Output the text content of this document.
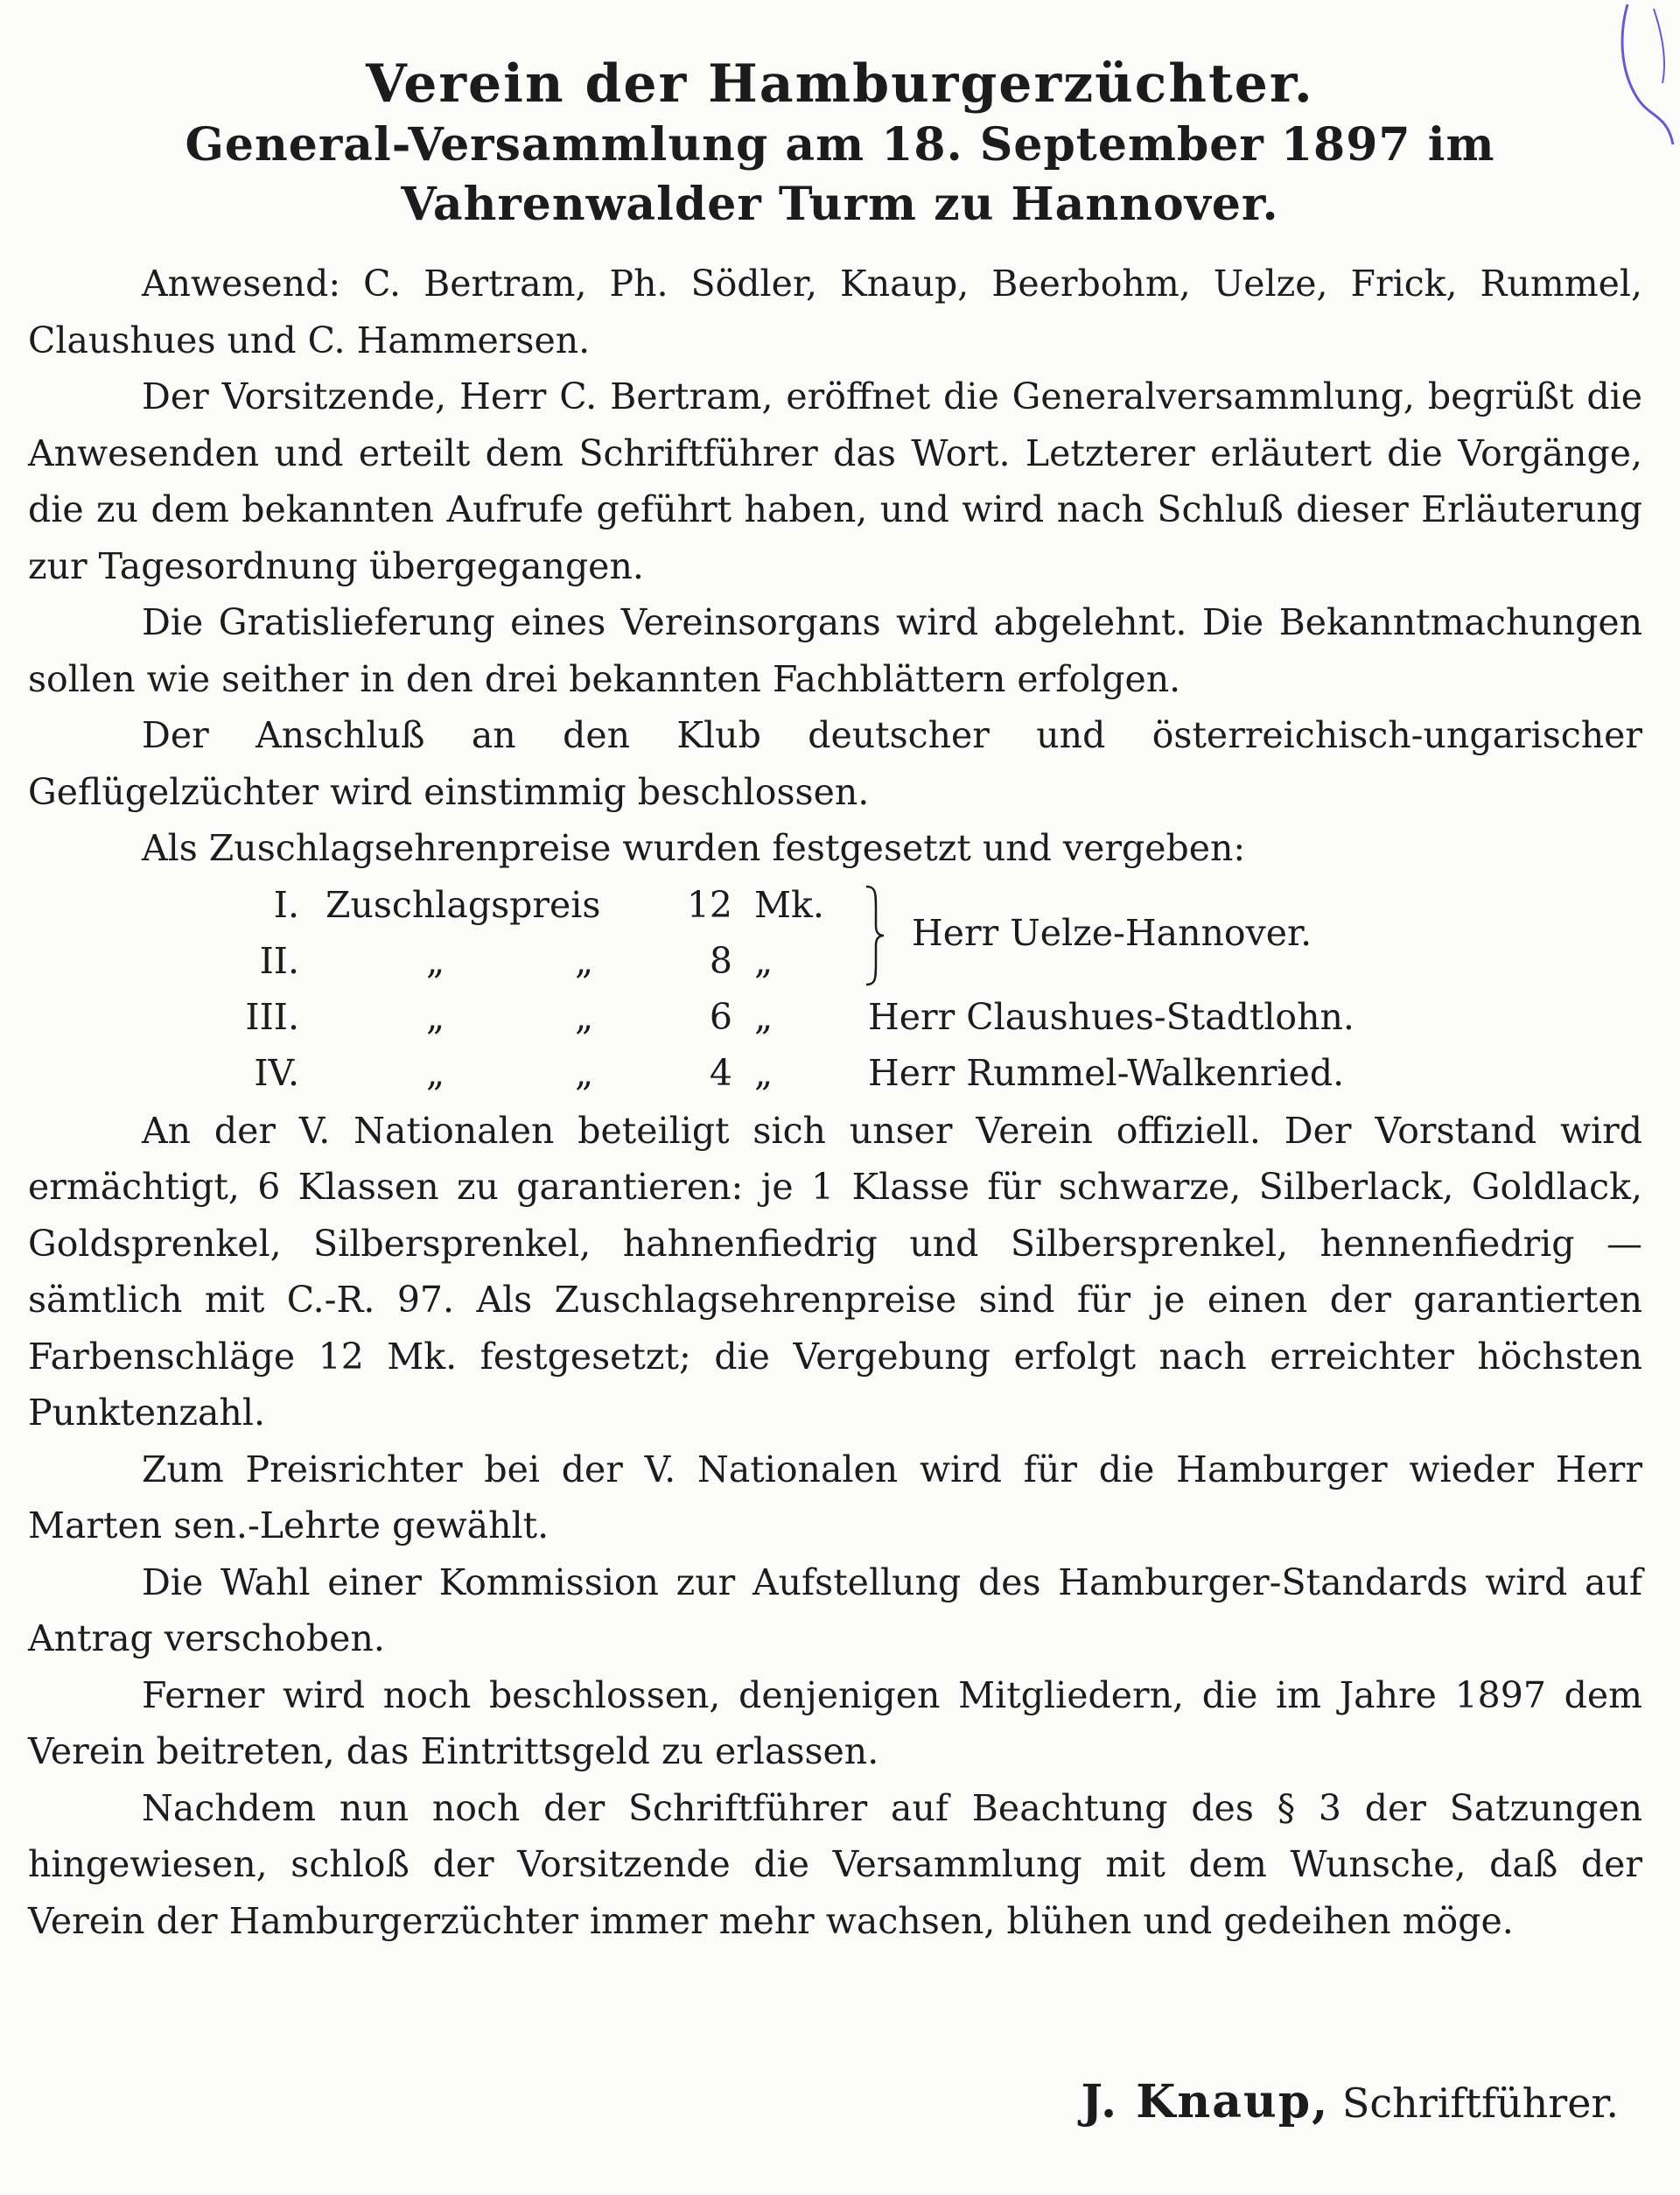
Verein der Hamburgerzüchter.
General-Versammlung am 18. September 1897 im
Vahrenwalder Turm zu Hannover.

Anwesend: C. Bertram, Ph. Södler, Knaup, Beerbohm, Uelze, Frick, Rummel, Claushues und C. Hammersen.

Der Vorsitzende, Herr C. Bertram, eröffnet die Generalversammlung, begrüßt die Anwesenden und erteilt dem Schriftführer das Wort. Letzterer erläutert die Vorgänge, die zu dem bekannten Aufrufe geführt haben, und wird nach Schluß dieser Erläuterung zur Tagesordnung übergegangen.

Die Gratislieferung eines Vereinsorgans wird abgelehnt. Die Bekanntmachungen sollen wie seither in den drei bekannten Fachblättern erfolgen.

Der Anschluß an den Klub deutscher und österreichisch-ungarischer Geflügelzüchter wird einstimmig beschlossen.

Als Zuschlagsehrenpreise wurden festgesetzt und vergeben:

I. Zuschlagspreis 12 Mk.
II.	„	„	8 „
Herr Uelze-Hannover.
III.	„	„	6 „	Herr Claushues-Stadtlohn.
IV.	„	„	4 „	Herr Rummel-Walkenried.

An der V. Nationalen beteiligt sich unser Verein offiziell. Der Vorstand wird ermächtigt, 6 Klassen zu garantieren: je 1 Klasse für schwarze, Silberlack, Goldlack, Goldsprenkel, Silbersprenkel, hahnenfiedrig und Silbersprenkel, hennenfiedrig — sämtlich mit C.-R. 97. Als Zuschlagsehrenpreise sind für je einen der garantierten Farbenschläge 12 Mk. festgesetzt; die Vergebung erfolgt nach erreichter höchsten Punktenzahl.

Zum Preisrichter bei der V. Nationalen wird für die Hamburger wieder Herr Marten sen.-Lehrte gewählt.

Die Wahl einer Kommission zur Aufstellung des Hamburger-Standards wird auf Antrag verschoben.

Ferner wird noch beschlossen, denjenigen Mitgliedern, die im Jahre 1897 dem Verein beitreten, das Eintrittsgeld zu erlassen.

Nachdem nun noch der Schriftführer auf Beachtung des § 3 der Satzungen hingewiesen, schloß der Vorsitzende die Versammlung mit dem Wunsche, daß der Verein der Hamburgerzüchter immer mehr wachsen, blühen und gedeihen möge.

J. Knaup, Schriftführer.
